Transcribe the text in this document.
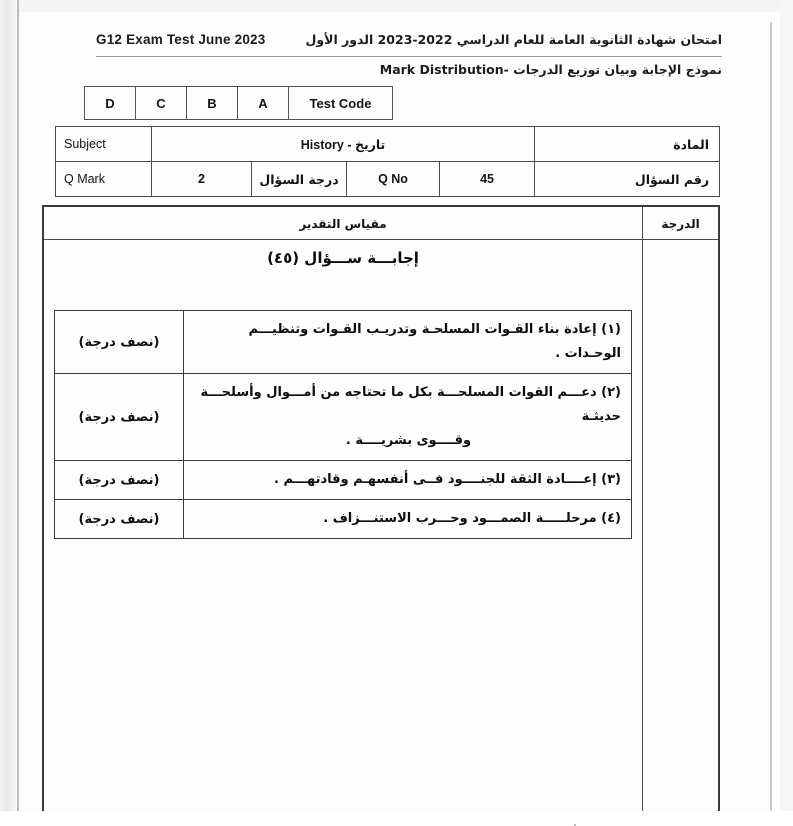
G12 Exam Test June 2023	امتحان شهادة الثانوية العامة للعام الدراسي 2022-2023 الدور الأول
نموذج الإجابة وبيان توزيع الدرجات -Mark Distribution
D	C	B	A	Test Code
Subject	History - تاريخ				المادة
Q Mark	2	درجة السؤال	Q No	45	رقم السؤال
مقياس التقدير	الدرجة
إجابـــة ســـؤال (٤٥)
(نصف درجة)	(١) إعادة بناء القـوات المسلحـة وتدريـب القـوات وتنظيـــم الوحـدات .
(نصف درجة)	(٢) دعـــم القوات المسلحـــة بكل ما تحتاجه من أمـــوال وأسلحـــة حديثـة
وقــــوى بشريــــة .

(نصف درجة)	(٣) إعــــادة الثقة للجنــــود فــى أنفسهـم وقادتهـــم .
(نصف درجة)	(٤) مرحلـــــة الصمـــود وحـــرب الاستنـــزاف .
